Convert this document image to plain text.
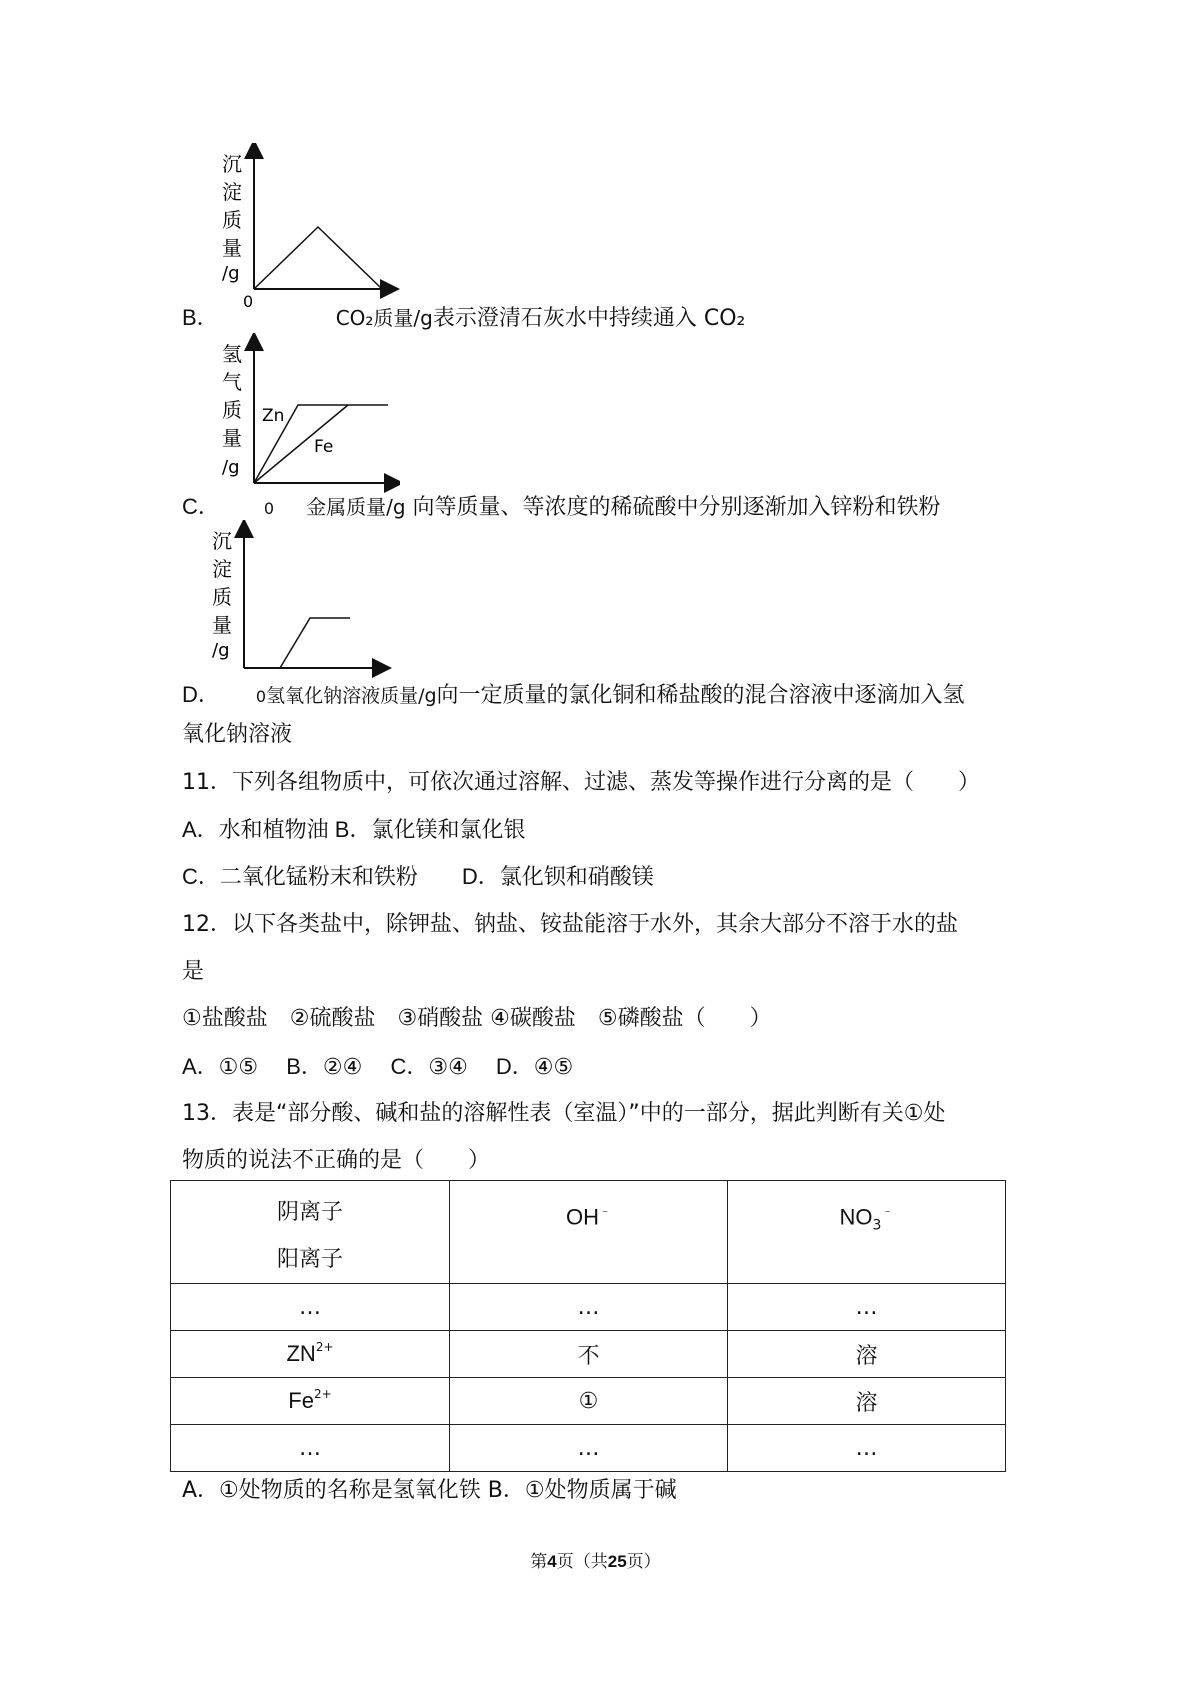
沉
淀
质
量
/g
0
B．	CO₂质量/g表示澄清石灰水中持续通入 CO₂
氢
气
质
量
/g
Zn
Fe
C．	0 金属质量/g 向等质量、等浓度的稀硫酸中分别逐渐加入锌粉和铁粉
沉
淀
质
量
/g
D． 0氢氧化钠溶液质量/g向一定质量的氯化铜和稀盐酸的混合溶液中逐滴加入氢
氧化钠溶液
11．下列各组物质中，可依次通过溶解、过滤、蒸发等操作进行分离的是（　　）
A．水和植物油 B．氯化镁和氯化银
C．二氧化锰粉末和铁粉　　D．氯化钡和硝酸镁
12．以下各类盐中，除钾盐、钠盐、铵盐能溶于水外，其余大部分不溶于水的盐
是
①盐酸盐　②硫酸盐　③硝酸盐 ④碳酸盐　⑤磷酸盐（　　）
A．①⑤　 B．②④　 C．③④　 D．④⑤
13．表是“部分酸、碱和盐的溶解性表（室温）”中的一部分，据此判断有关①处
物质的说法不正确的是（　　）
阴离子
阳离子	OH﹣	$NO_3^﹣$
…	…	…
$ZN^{2+}$	不	溶
$Fe^{2+}$	①	溶
…	…	…
A．①处物质的名称是氢氧化铁 B．①处物质属于碱
第4页（共25页）
